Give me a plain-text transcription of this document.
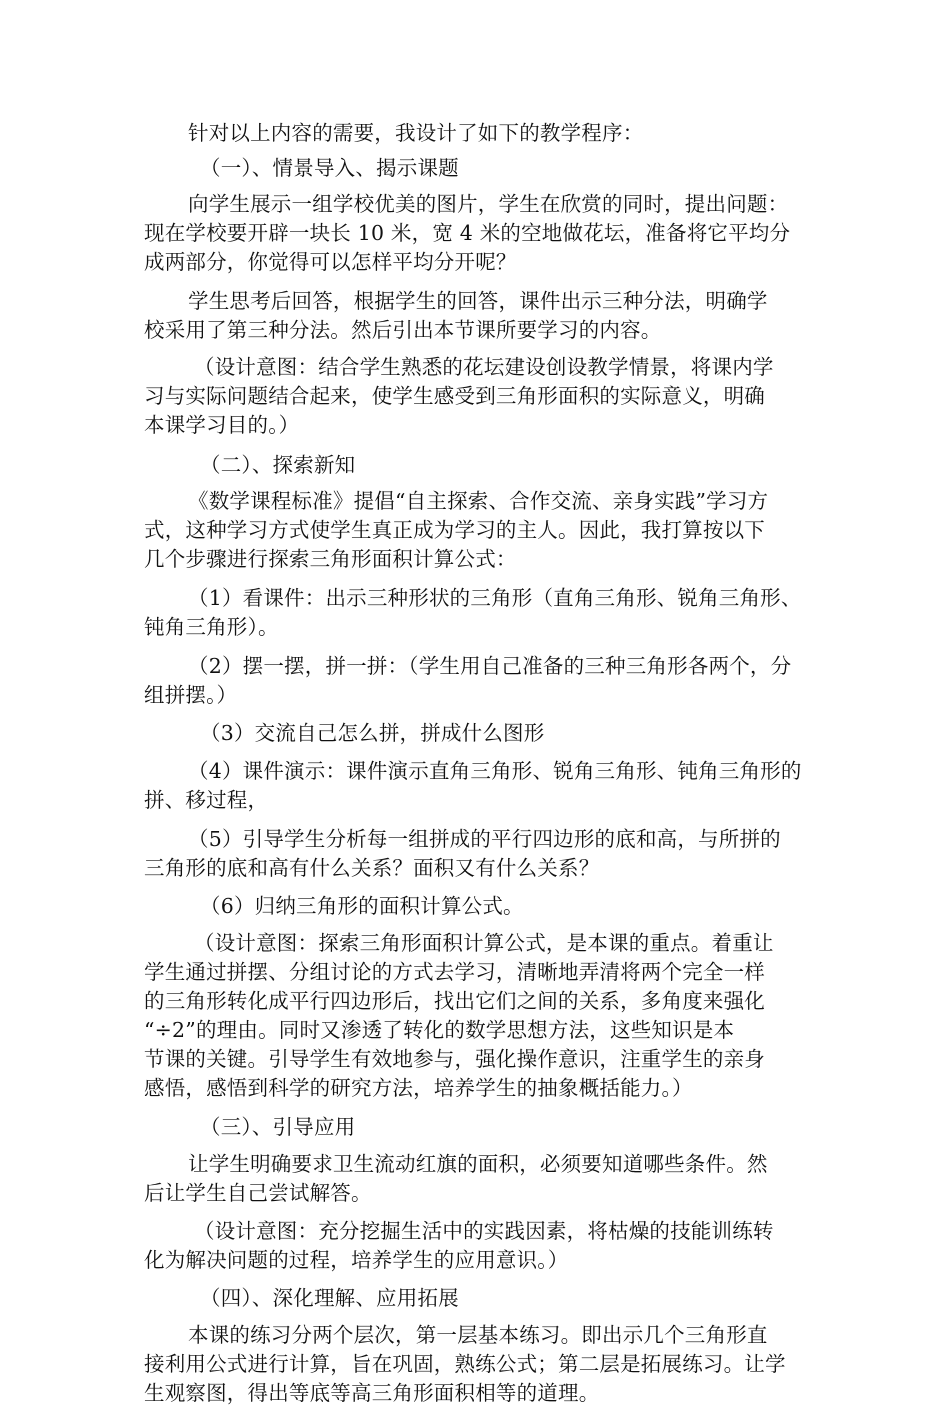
针对以上内容的需要，我设计了如下的教学程序：
（一）、情景导入、揭示课题
向学生展示一组学校优美的图片，学生在欣赏的同时，提出问题：
现在学校要开辟一块长 10 米，宽 4 米的空地做花坛，准备将它平均分
成两部分，你觉得可以怎样平均分开呢？
学生思考后回答，根据学生的回答，课件出示三种分法，明确学
校采用了第三种分法。然后引出本节课所要学习的内容。
（设计意图：结合学生熟悉的花坛建设创设教学情景，将课内学
习与实际问题结合起来，使学生感受到三角形面积的实际意义，明确
本课学习目的。）
（二）、探索新知
《数学课程标准》提倡“自主探索、合作交流、亲身实践”学习方
式，这种学习方式使学生真正成为学习的主人。因此，我打算按以下
几个步骤进行探索三角形面积计算公式：
（1）看课件：出示三种形状的三角形（直角三角形、锐角三角形、
钝角三角形）。
（2）摆一摆，拼一拼：（学生用自己准备的三种三角形各两个，分
组拼摆。）
（3）交流自己怎么拼，拼成什么图形
（4）课件演示：课件演示直角三角形、锐角三角形、钝角三角形的
拼、移过程，
（5）引导学生分析每一组拼成的平行四边形的底和高，与所拼的
三角形的底和高有什么关系？面积又有什么关系？
（6）归纳三角形的面积计算公式。
（设计意图：探索三角形面积计算公式，是本课的重点。着重让
学生通过拼摆、分组讨论的方式去学习，清晰地弄清将两个完全一样
的三角形转化成平行四边形后，找出它们之间的关系，多角度来强化
“÷2”的理由。同时又渗透了转化的数学思想方法，这些知识是本
节课的关键。引导学生有效地参与，强化操作意识，注重学生的亲身
感悟，感悟到科学的研究方法，培养学生的抽象概括能力。）
（三）、引导应用
让学生明确要求卫生流动红旗的面积，必须要知道哪些条件。然
后让学生自己尝试解答。
（设计意图：充分挖掘生活中的实践因素，将枯燥的技能训练转
化为解决问题的过程，培养学生的应用意识。）
（四）、深化理解、应用拓展
本课的练习分两个层次，第一层基本练习。即出示几个三角形直
接利用公式进行计算，旨在巩固，熟练公式；第二层是拓展练习。让学
生观察图，得出等底等高三角形面积相等的道理。
